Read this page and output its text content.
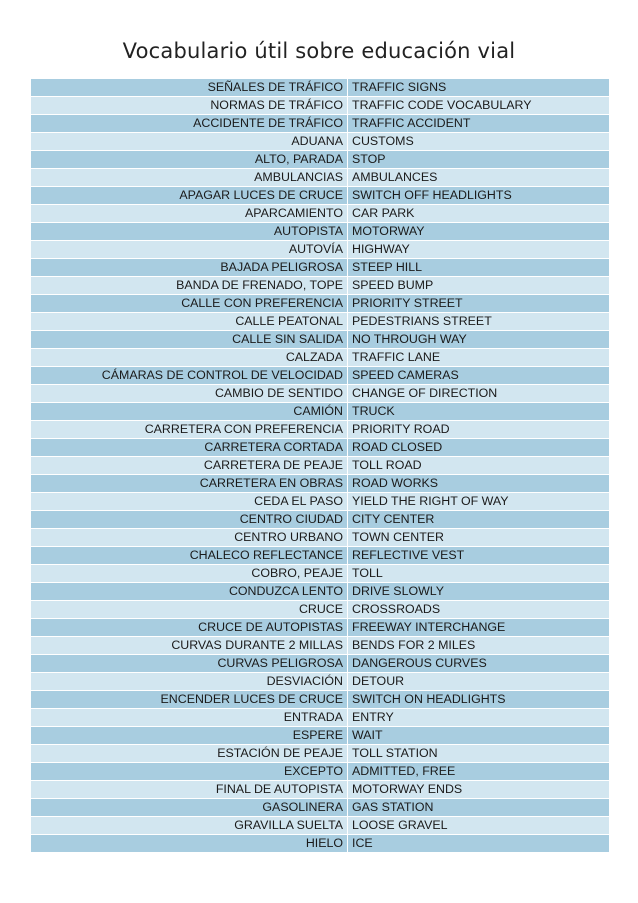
Vocabulario útil sobre educación vial
SEÑALES DE TRÁFICO	TRAFFIC SIGNS
NORMAS DE TRÁFICO	TRAFFIC CODE VOCABULARY
ACCIDENTE DE TRÁFICO	TRAFFIC ACCIDENT
ADUANA	CUSTOMS
ALTO, PARADA	STOP
AMBULANCIAS	AMBULANCES
APAGAR LUCES DE CRUCE	SWITCH OFF HEADLIGHTS
APARCAMIENTO	CAR PARK
AUTOPISTA	MOTORWAY
AUTOVÍA	HIGHWAY
BAJADA PELIGROSA	STEEP HILL
BANDA DE FRENADO, TOPE	SPEED BUMP
CALLE CON PREFERENCIA	PRIORITY STREET
CALLE PEATONAL	PEDESTRIANS STREET
CALLE SIN SALIDA	NO THROUGH WAY
CALZADA	TRAFFIC LANE
CÁMARAS DE CONTROL DE VELOCIDAD	SPEED CAMERAS
CAMBIO DE SENTIDO	CHANGE OF DIRECTION
CAMIÓN	TRUCK
CARRETERA CON PREFERENCIA	PRIORITY ROAD
CARRETERA CORTADA	ROAD CLOSED
CARRETERA DE PEAJE	TOLL ROAD
CARRETERA EN OBRAS	ROAD WORKS
CEDA EL PASO	YIELD THE RIGHT OF WAY
CENTRO CIUDAD	CITY CENTER
CENTRO URBANO	TOWN CENTER
CHALECO REFLECTANCE	REFLECTIVE VEST
COBRO, PEAJE	TOLL
CONDUZCA LENTO	DRIVE SLOWLY
CRUCE	CROSSROADS
CRUCE DE AUTOPISTAS	FREEWAY INTERCHANGE
CURVAS DURANTE 2 MILLAS	BENDS FOR 2 MILES
CURVAS PELIGROSA	DANGEROUS CURVES
DESVIACIÓN	DETOUR
ENCENDER LUCES DE CRUCE	SWITCH ON HEADLIGHTS
ENTRADA	ENTRY
ESPERE	WAIT
ESTACIÓN DE PEAJE	TOLL STATION
EXCEPTO	ADMITTED, FREE
FINAL DE AUTOPISTA	MOTORWAY ENDS
GASOLINERA	GAS STATION
GRAVILLA SUELTA	LOOSE GRAVEL
HIELO	ICE
